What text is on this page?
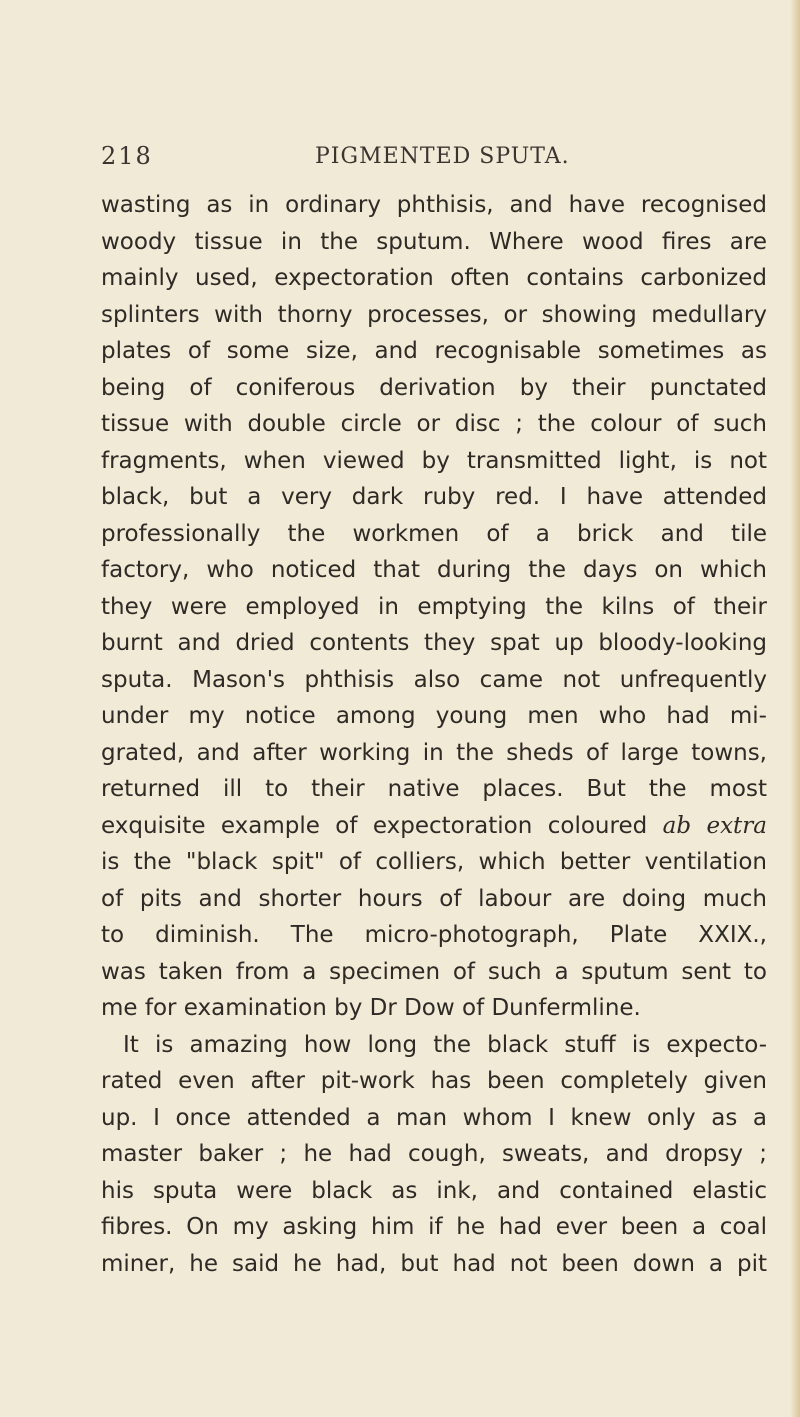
218	PIGMENTED SPUTA.
wasting as in ordinary phthisis, and have recognised
woody tissue in the sputum. Where wood fires are
mainly used, expectoration often contains carbonized
splinters with thorny processes, or showing medullary
plates of some size, and recognisable sometimes as
being of coniferous derivation by their punctated
tissue with double circle or disc ; the colour of such
fragments, when viewed by transmitted light, is not
black, but a very dark ruby red. I have attended
professionally the workmen of a brick and tile
factory, who noticed that during the days on which
they were employed in emptying the kilns of their
burnt and dried contents they spat up bloody-looking
sputa. Mason's phthisis also came not unfrequently
under my notice among young men who had mi-
grated, and after working in the sheds of large towns,
returned ill to their native places. But the most
exquisite example of expectoration coloured ab extra
is the "black spit" of colliers, which better ventilation
of pits and shorter hours of labour are doing much
to diminish. The micro-photograph, Plate XXIX.,
was taken from a specimen of such a sputum sent to
me for examination by Dr Dow of Dunfermline.
It is amazing how long the black stuff is expecto-
rated even after pit-work has been completely given
up. I once attended a man whom I knew only as a
master baker ; he had cough, sweats, and dropsy ;
his sputa were black as ink, and contained elastic
fibres. On my asking him if he had ever been a coal
miner, he said he had, but had not been down a pit
